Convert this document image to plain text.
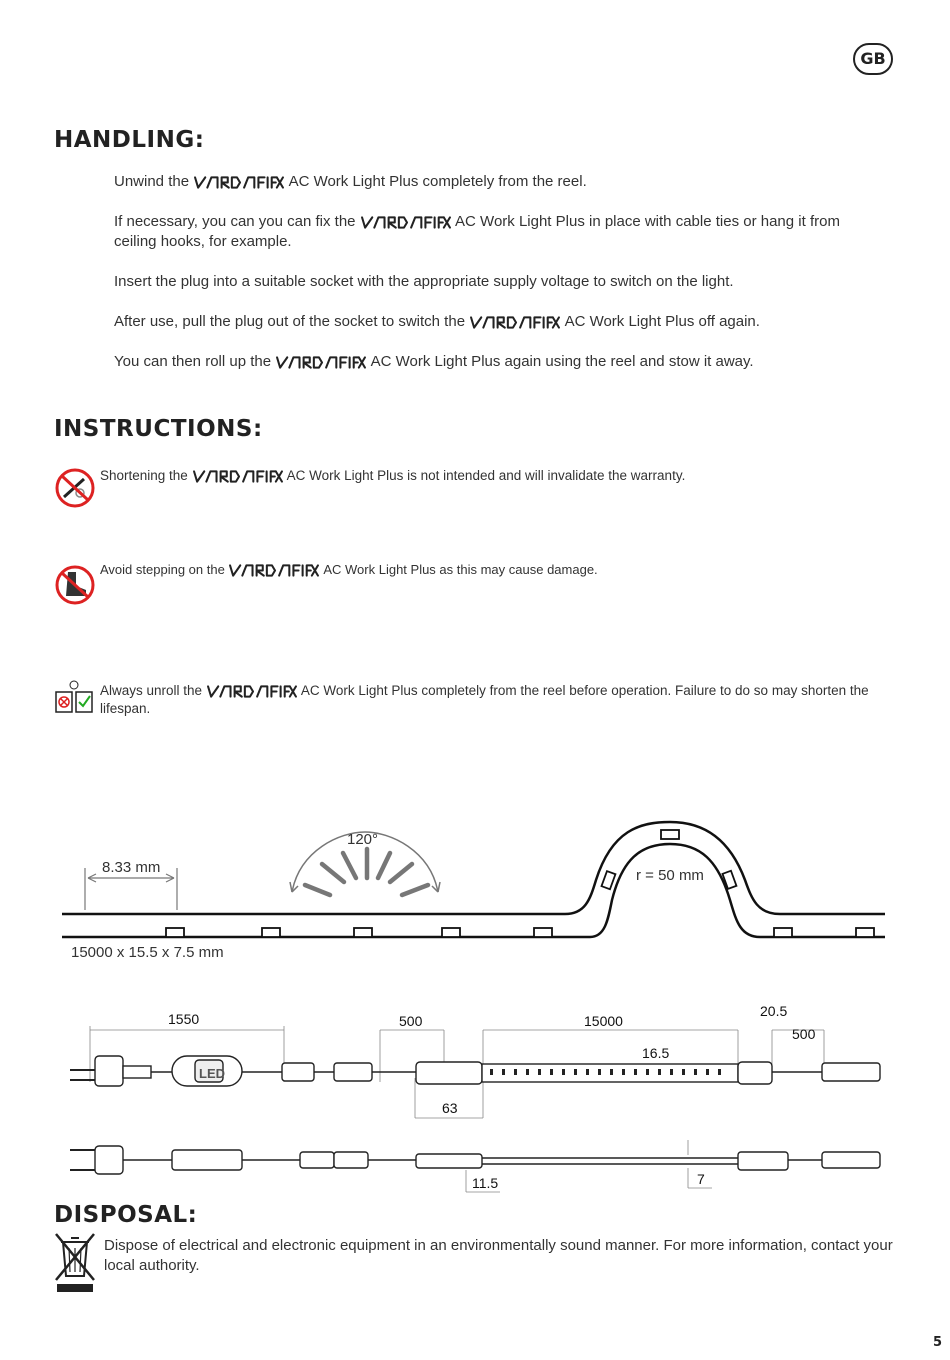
GB
HANDLING:
Unwind the	AC Work Light Plus completely from the reel.
If necessary, you can you can fix the	AC Work Light Plus in place with cable ties or hang it from ceiling hooks, for example.
Insert the plug into a suitable socket with the appropriate supply voltage to switch on the light.
After use, pull the plug out of the socket to switch the	AC Work Light Plus off again.
You can then roll up the	AC Work Light Plus again using the reel and stow it away.
INSTRUCTIONS:
Shortening the	AC Work Light Plus is not intended and will invalidate the warranty.
Avoid stepping on the	AC Work Light Plus as this may cause damage.
Always unroll the	AC Work Light Plus completely from the reel before operation. Failure to do so may shorten the lifespan.
8.33 mm
120°
r = 50 mm
15000 x 15.5 x 7.5 mm
1550	500	15000
20.5
500
16.5
63
LED
11.5	7
DISPOSAL:
Dispose of electrical and electronic equipment in an environmentally sound manner. For more information, contact your local authority.
5
